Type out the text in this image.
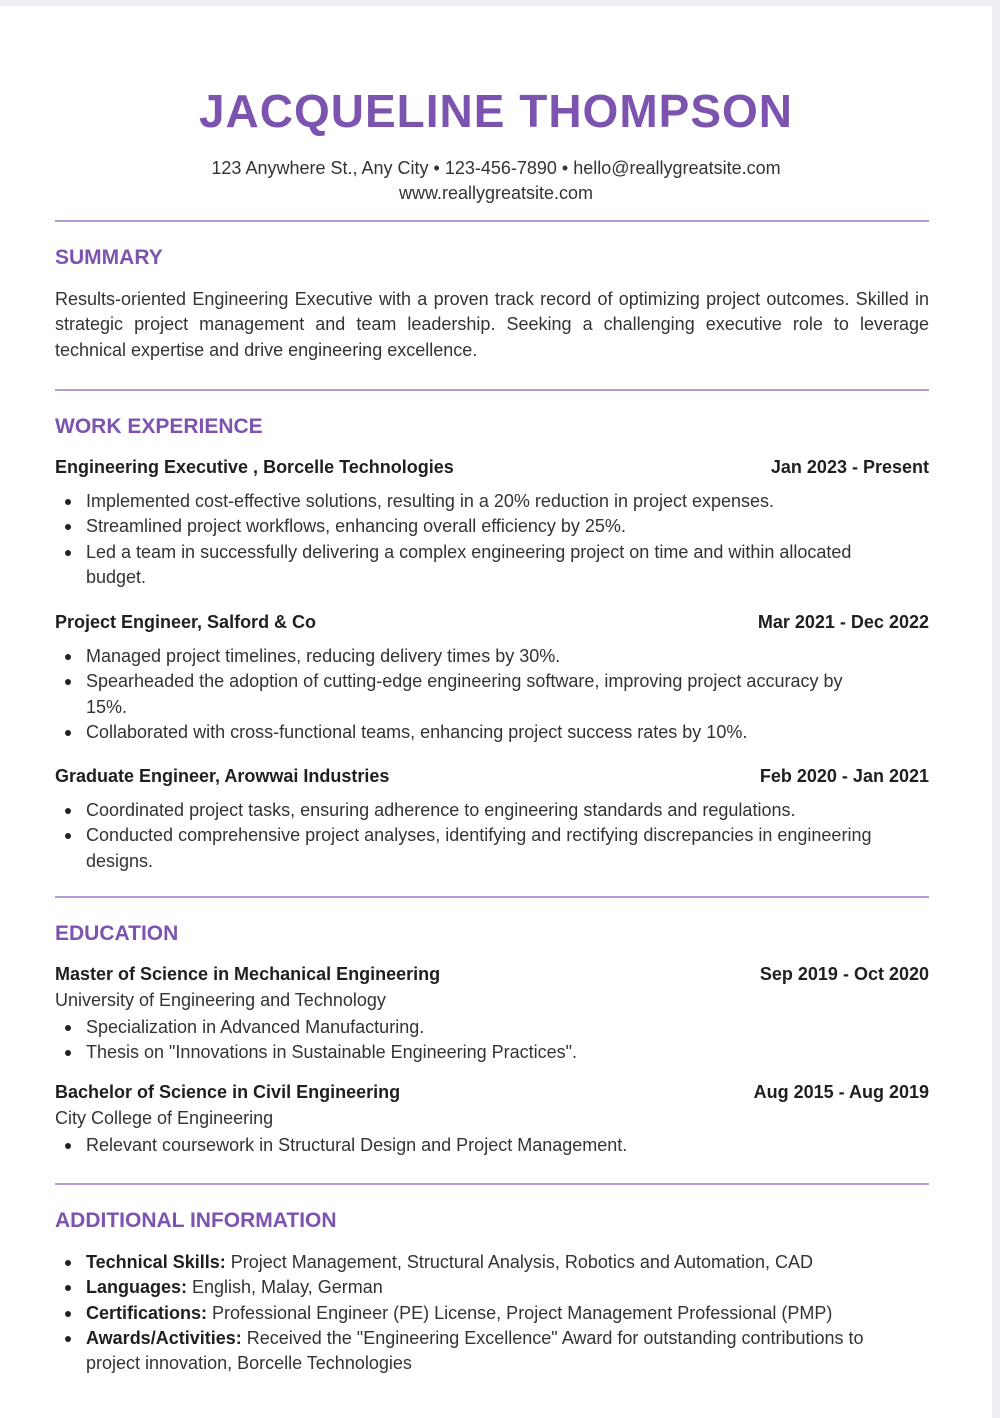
JACQUELINE THOMPSON
123 Anywhere St., Any City • 123-456-7890 • hello@reallygreatsite.com
www.reallygreatsite.com
SUMMARY
Results-oriented Engineering Executive with a proven track record of optimizing project outcomes. Skilled in strategic project management and team leadership. Seeking a challenging executive role to leverage technical expertise and drive engineering excellence.
WORK EXPERIENCE
Engineering Executive , Borcelle Technologies	Jan 2023 - Present
Implemented cost-effective solutions, resulting in a 20% reduction in project expenses.
Streamlined project workflows, enhancing overall efficiency by 25%.
Led a team in successfully delivering a complex engineering project on time and within allocated budget.
Project Engineer, Salford & Co	Mar 2021 - Dec 2022
Managed project timelines, reducing delivery times by 30%.
Spearheaded the adoption of cutting-edge engineering software, improving project accuracy by 15%.
Collaborated with cross-functional teams, enhancing project success rates by 10%.
Graduate Engineer, Arowwai Industries	Feb 2020 - Jan 2021
Coordinated project tasks, ensuring adherence to engineering standards and regulations.
Conducted comprehensive project analyses, identifying and rectifying discrepancies in engineering designs.
EDUCATION
Master of Science in Mechanical Engineering	Sep 2019 - Oct 2020
University of Engineering and Technology
Specialization in Advanced Manufacturing.
Thesis on "Innovations in Sustainable Engineering Practices".
Bachelor of Science in Civil Engineering	Aug 2015 - Aug 2019
City College of Engineering
Relevant coursework in Structural Design and Project Management.
ADDITIONAL INFORMATION
Technical Skills: Project Management, Structural Analysis, Robotics and Automation, CAD
Languages: English, Malay, German
Certifications: Professional Engineer (PE) License, Project Management Professional (PMP)
Awards/Activities: Received the "Engineering Excellence" Award for outstanding contributions to project innovation, Borcelle Technologies
